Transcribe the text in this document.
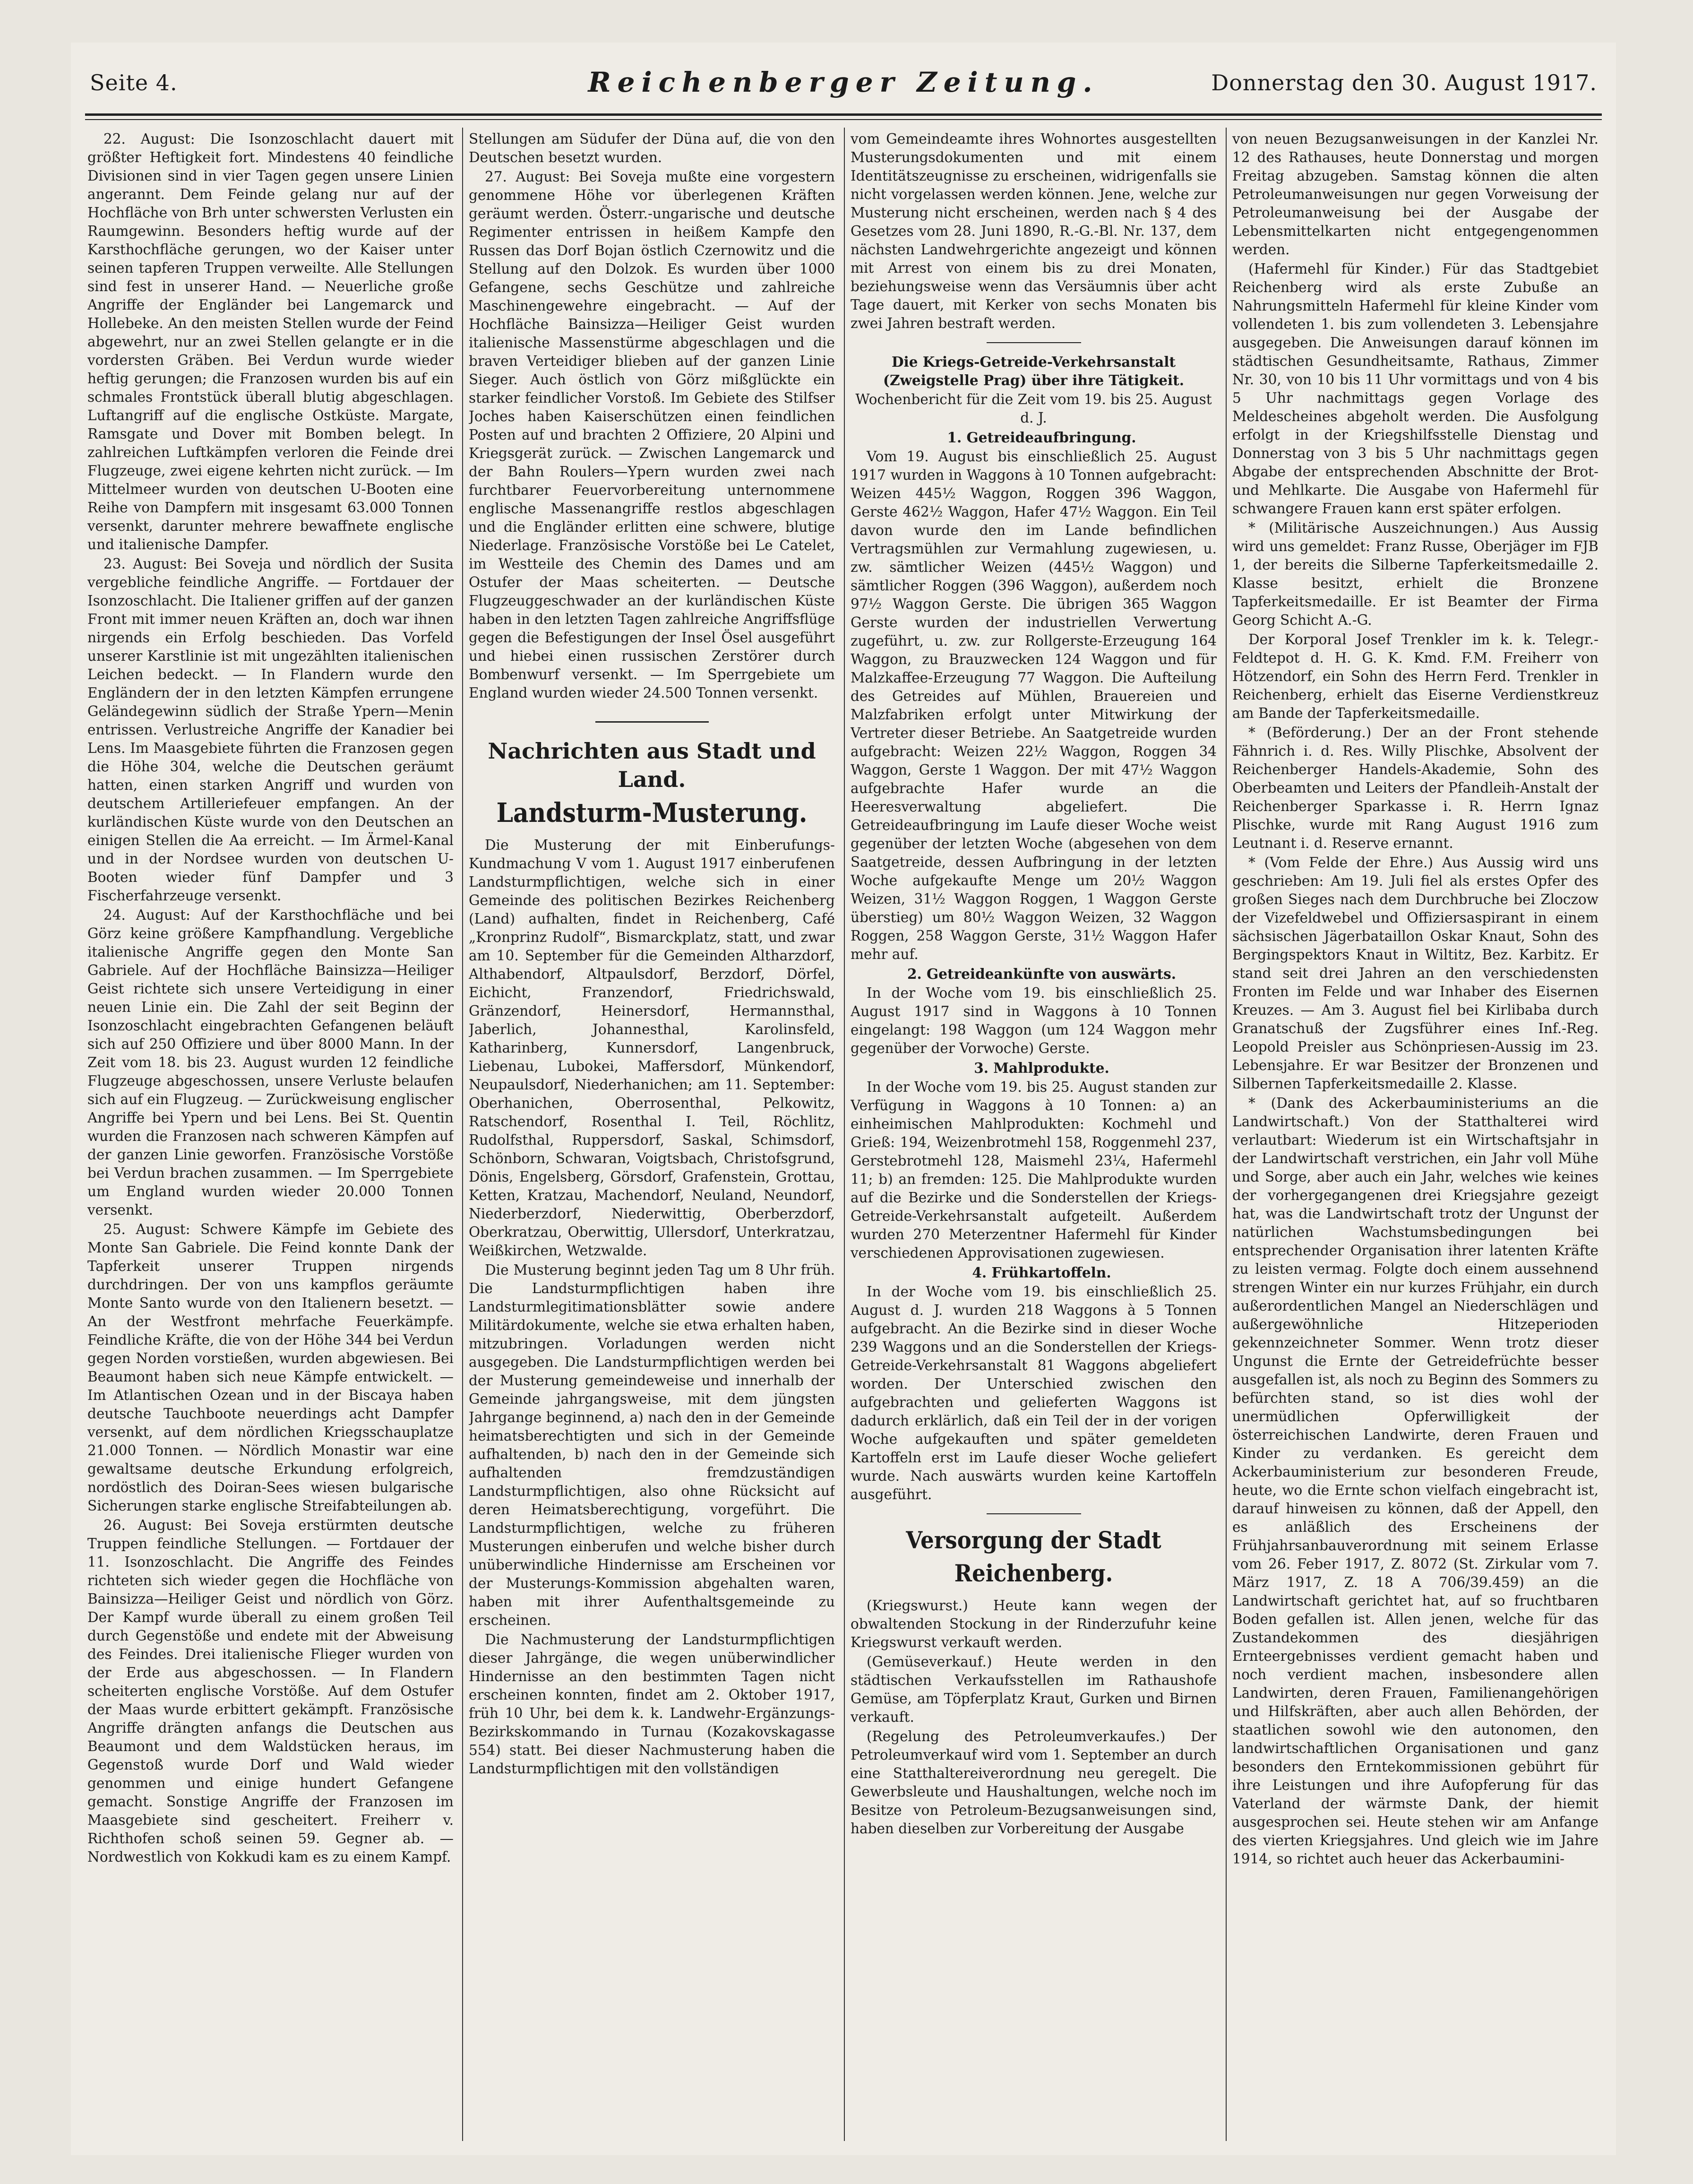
Seite 4.	Reichenberger Zeitung.	Donnerstag den 30. August 1917.

22. August: Die Isonzoschlacht dauert mit größter Heftigkeit fort. Mindestens 40 feindliche Divisionen sind in vier Tagen gegen unsere Linien angerannt. Dem Feinde gelang nur auf der Hochfläche von Brh unter schwersten Verlusten ein Raumgewinn. Besonders heftig wurde auf der Karsthochfläche gerungen, wo der Kaiser unter seinen tapferen Truppen verweilte. Alle Stellungen sind fest in unserer Hand. — Neuerliche große Angriffe der Engländer bei Langemarck und Hollebeke. An den meisten Stellen wurde der Feind abgewehrt, nur an zwei Stellen gelangte er in die vordersten Gräben. Bei Verdun wurde wieder heftig gerungen; die Franzosen wurden bis auf ein schmales Frontstück überall blutig abgeschlagen. Luftangriff auf die englische Ostküste. Margate, Ramsgate und Dover mit Bomben belegt. In zahlreichen Luftkämpfen verloren die Feinde drei Flugzeuge, zwei eigene kehrten nicht zurück. — Im Mittelmeer wurden von deutschen U-Booten eine Reihe von Dampfern mit insgesamt 63.000 Tonnen versenkt, darunter mehrere bewaffnete englische und italienische Dampfer.

23. August: Bei Soveja und nördlich der Susita vergebliche feindliche Angriffe. — Fortdauer der Isonzoschlacht. Die Italiener griffen auf der ganzen Front mit immer neuen Kräften an, doch war ihnen nirgends ein Erfolg beschieden. Das Vorfeld unserer Karstlinie ist mit ungezählten italienischen Leichen bedeckt. — In Flandern wurde den Engländern der in den letzten Kämpfen errungene Geländegewinn südlich der Straße Ypern—Menin entrissen. Verlustreiche Angriffe der Kanadier bei Lens. Im Maasgebiete führten die Franzosen gegen die Höhe 304, welche die Deutschen geräumt hatten, einen starken Angriff und wurden von deutschem Artilleriefeuer empfangen. An der kurländischen Küste wurde von den Deutschen an einigen Stellen die Aa erreicht. — Im Ärmel-Kanal und in der Nordsee wurden von deutschen U-Booten wieder fünf Dampfer und 3 Fischerfahrzeuge versenkt.

24. August: Auf der Karsthochfläche und bei Görz keine größere Kampfhandlung. Vergebliche italienische Angriffe gegen den Monte San Gabriele. Auf der Hochfläche Bainsizza—Heiliger Geist richtete sich unsere Verteidigung in einer neuen Linie ein. Die Zahl der seit Beginn der Isonzoschlacht eingebrachten Gefangenen beläuft sich auf 250 Offiziere und über 8000 Mann. In der Zeit vom 18. bis 23. August wurden 12 feindliche Flugzeuge abgeschossen, unsere Verluste belaufen sich auf ein Flugzeug. — Zurückweisung englischer Angriffe bei Ypern und bei Lens. Bei St. Quentin wurden die Franzosen nach schweren Kämpfen auf der ganzen Linie geworfen. Französische Vorstöße bei Verdun brachen zusammen. — Im Sperrgebiete um England wurden wieder 20.000 Tonnen versenkt.

25. August: Schwere Kämpfe im Gebiete des Monte San Gabriele. Die Feind konnte Dank der Tapferkeit unserer Truppen nirgends durchdringen. Der von uns kampflos geräumte Monte Santo wurde von den Italienern besetzt. — An der Westfront mehrfache Feuerkämpfe. Feindliche Kräfte, die von der Höhe 344 bei Verdun gegen Norden vorstießen, wurden abgewiesen. Bei Beaumont haben sich neue Kämpfe entwickelt. — Im Atlantischen Ozean und in der Biscaya haben deutsche Tauchboote neuerdings acht Dampfer versenkt, auf dem nördlichen Kriegsschauplatze 21.000 Tonnen. — Nördlich Monastir war eine gewaltsame deutsche Erkundung erfolgreich, nordöstlich des Doiran-Sees wiesen bulgarische Sicherungen starke englische Streifabteilungen ab.

26. August: Bei Soveja erstürmten deutsche Truppen feindliche Stellungen. — Fortdauer der 11. Isonzoschlacht. Die Angriffe des Feindes richteten sich wieder gegen die Hochfläche von Bainsizza—Heiliger Geist und nördlich von Görz. Der Kampf wurde überall zu einem großen Teil durch Gegenstöße und endete mit der Abweisung des Feindes. Drei italienische Flieger wurden von der Erde aus abgeschossen. — In Flandern scheiterten englische Vorstöße. Auf dem Ostufer der Maas wurde erbittert gekämpft. Französische Angriffe drängten anfangs die Deutschen aus Beaumont und dem Waldstücken heraus, im Gegenstoß wurde Dorf und Wald wieder genommen und einige hundert Gefangene gemacht. Sonstige Angriffe der Franzosen im Maasgebiete sind gescheitert. Freiherr v. Richthofen schoß seinen 59. Gegner ab. — Nordwestlich von Kokkudi kam es zu einem Kampf.

Stellungen am Südufer der Düna auf, die von den Deutschen besetzt wurden.

27. August: Bei Soveja mußte eine vorgestern genommene Höhe vor überlegenen Kräften geräumt werden. Österr.-ungarische und deutsche Regimenter entrissen in heißem Kampfe den Russen das Dorf Bojan östlich Czernowitz und die Stellung auf den Dolzok. Es wurden über 1000 Gefangene, sechs Geschütze und zahlreiche Maschinengewehre eingebracht. — Auf der Hochfläche Bainsizza—Heiliger Geist wurden italienische Massenstürme abgeschlagen und die braven Verteidiger blieben auf der ganzen Linie Sieger. Auch östlich von Görz mißglückte ein starker feindlicher Vorstoß. Im Gebiete des Stilfser Joches haben Kaiserschützen einen feindlichen Posten auf und brachten 2 Offiziere, 20 Alpini und Kriegsgerät zurück. — Zwischen Langemarck und der Bahn Roulers—Ypern wurden zwei nach furchtbarer Feuervorbereitung unternommene englische Massenangriffe restlos abgeschlagen und die Engländer erlitten eine schwere, blutige Niederlage. Französische Vorstöße bei Le Catelet, im Westteile des Chemin des Dames und am Ostufer der Maas scheiterten. — Deutsche Flugzeuggeschwader an der kurländischen Küste haben in den letzten Tagen zahlreiche Angriffsflüge gegen die Befestigungen der Insel Ösel ausgeführt und hiebei einen russischen Zerstörer durch Bombenwurf versenkt. — Im Sperrgebiete um England wurden wieder 24.500 Tonnen versenkt.

Nachrichten aus Stadt und Land.
Landsturm-Musterung.

Die Musterung der mit Einberufungs-Kundmachung V vom 1. August 1917 einberufenen Landsturmpflichtigen, welche sich in einer Gemeinde des politischen Bezirkes Reichenberg (Land) aufhalten, findet in Reichenberg, Café „Kronprinz Rudolf“, Bismarckplatz, statt, und zwar am 10. September für die Gemeinden Altharzdorf, Althabendorf, Altpaulsdorf, Berzdorf, Dörfel, Eichicht, Franzendorf, Friedrichswald, Gränzendorf, Heinersdorf, Hermannsthal, Jaberlich, Johannesthal, Karolinsfeld, Katharinberg, Kunnersdorf, Langenbruck, Liebenau, Lubokei, Maffersdorf, Münkendorf, Neupaulsdorf, Niederhanichen; am 11. September: Oberhanichen, Oberrosenthal, Pelkowitz, Ratschendorf, Rosenthal I. Teil, Röchlitz, Rudolfsthal, Ruppersdorf, Saskal, Schimsdorf, Schönborn, Schwaran, Voigtsbach, Christofsgrund, Dönis, Engelsberg, Görsdorf, Grafenstein, Grottau, Ketten, Kratzau, Machendorf, Neuland, Neundorf, Niederberzdorf, Niederwittig, Oberberzdorf, Oberkratzau, Oberwittig, Ullersdorf, Unterkratzau, Weißkirchen, Wetzwalde.

Die Musterung beginnt jeden Tag um 8 Uhr früh. Die Landsturmpflichtigen haben ihre Landsturmlegitimationsblätter sowie andere Militärdokumente, welche sie etwa erhalten haben, mitzubringen. Vorladungen werden nicht ausgegeben. Die Landsturmpflichtigen werden bei der Musterung gemeindeweise und innerhalb der Gemeinde jahrgangsweise, mit dem jüngsten Jahrgange beginnend, a) nach den in der Gemeinde heimatsberechtigten und sich in der Gemeinde aufhaltenden, b) nach den in der Gemeinde sich aufhaltenden fremdzuständigen Landsturmpflichtigen, also ohne Rücksicht auf deren Heimatsberechtigung, vorgeführt. Die Landsturmpflichtigen, welche zu früheren Musterungen einberufen und welche bisher durch unüberwindliche Hindernisse am Erscheinen vor der Musterungs-Kommission abgehalten waren, haben mit ihrer Aufenthaltsgemeinde zu erscheinen.

Die Nachmusterung der Landsturmpflichtigen dieser Jahrgänge, die wegen unüberwindlicher Hindernisse an den bestimmten Tagen nicht erscheinen konnten, findet am 2. Oktober 1917, früh 10 Uhr, bei dem k. k. Landwehr-Ergänzungs-Bezirkskommando in Turnau (Kozakovskagasse 554) statt. Bei dieser Nachmusterung haben die Landsturmpflichtigen mit den vollständigen

vom Gemeindeamte ihres Wohnortes ausgestellten Musterungsdokumenten und mit einem Identitätszeugnisse zu erscheinen, widrigenfalls sie nicht vorgelassen werden können. Jene, welche zur Musterung nicht erscheinen, werden nach § 4 des Gesetzes vom 28. Juni 1890, R.-G.-Bl. Nr. 137, dem nächsten Landwehrgerichte angezeigt und können mit Arrest von einem bis zu drei Monaten, beziehungsweise wenn das Versäumnis über acht Tage dauert, mit Kerker von sechs Monaten bis zwei Jahren bestraft werden.

Die Kriegs-Getreide-Verkehrsanstalt (Zweigstelle Prag) über ihre Tätigkeit.

Wochenbericht für die Zeit vom 19. bis 25. August d. J.

1. Getreideaufbringung.

Vom 19. August bis einschließlich 25. August 1917 wurden in Waggons à 10 Tonnen aufgebracht: Weizen 445½ Waggon, Roggen 396 Waggon, Gerste 462½ Waggon, Hafer 47½ Waggon. Ein Teil davon wurde den im Lande befindlichen Vertragsmühlen zur Vermahlung zugewiesen, u. zw. sämtlicher Weizen (445½ Waggon) und sämtlicher Roggen (396 Waggon), außerdem noch 97½ Waggon Gerste. Die übrigen 365 Waggon Gerste wurden der industriellen Verwertung zugeführt, u. zw. zur Rollgerste-Erzeugung 164 Waggon, zu Brauzwecken 124 Waggon und für Malzkaffee-Erzeugung 77 Waggon. Die Aufteilung des Getreides auf Mühlen, Brauereien und Malzfabriken erfolgt unter Mitwirkung der Vertreter dieser Betriebe. An Saatgetreide wurden aufgebracht: Weizen 22½ Waggon, Roggen 34 Waggon, Gerste 1 Waggon. Der mit 47½ Waggon aufgebrachte Hafer wurde an die Heeresverwaltung abgeliefert. Die Getreideaufbringung im Laufe dieser Woche weist gegenüber der letzten Woche (abgesehen von dem Saatgetreide, dessen Aufbringung in der letzten Woche aufgekaufte Menge um 20½ Waggon Weizen, 31½ Waggon Roggen, 1 Waggon Gerste überstieg) um 80½ Waggon Weizen, 32 Waggon Roggen, 258 Waggon Gerste, 31½ Waggon Hafer mehr auf.

2. Getreideankünfte von auswärts.

In der Woche vom 19. bis einschließlich 25. August 1917 sind in Waggons à 10 Tonnen eingelangt: 198 Waggon (um 124 Waggon mehr gegenüber der Vorwoche) Gerste.

3. Mahlprodukte.

In der Woche vom 19. bis 25. August standen zur Verfügung in Waggons à 10 Tonnen: a) an einheimischen Mahlprodukten: Kochmehl und Grieß: 194, Weizenbrotmehl 158, Roggenmehl 237, Gerstebrotmehl 128, Maismehl 23¼, Hafermehl 11; b) an fremden: 125. Die Mahlprodukte wurden auf die Bezirke und die Sonderstellen der Kriegs-Getreide-Verkehrsanstalt aufgeteilt. Außerdem wurden 270 Meterzentner Hafermehl für Kinder verschiedenen Approvisationen zugewiesen.

4. Frühkartoffeln.

In der Woche vom 19. bis einschließlich 25. August d. J. wurden 218 Waggons à 5 Tonnen aufgebracht. An die Bezirke sind in dieser Woche 239 Waggons und an die Sonderstellen der Kriegs-Getreide-Verkehrsanstalt 81 Waggons abgeliefert worden. Der Unterschied zwischen den aufgebrachten und gelieferten Waggons ist dadurch erklärlich, daß ein Teil der in der vorigen Woche aufgekauften und später gemeldeten Kartoffeln erst im Laufe dieser Woche geliefert wurde. Nach auswärts wurden keine Kartoffeln ausgeführt.

Versorgung der Stadt Reichenberg.

(Kriegswurst.) Heute kann wegen der obwaltenden Stockung in der Rinderzufuhr keine Kriegswurst verkauft werden.

(Gemüseverkauf.) Heute werden in den städtischen Verkaufsstellen im Rathaushofe Gemüse, am Töpferplatz Kraut, Gurken und Birnen verkauft.

(Regelung des Petroleumverkaufes.) Der Petroleumverkauf wird vom 1. September an durch eine Statthaltereiverordnung neu geregelt. Die Gewerbsleute und Haushaltungen, welche noch im Besitze von Petroleum-Bezugsanweisungen sind, haben dieselben zur Vorbereitung der Ausgabe

von neuen Bezugsanweisungen in der Kanzlei Nr. 12 des Rathauses, heute Donnerstag und morgen Freitag abzugeben. Samstag können die alten Petroleumanweisungen nur gegen Vorweisung der Petroleumanweisung bei der Ausgabe der Lebensmittelkarten nicht entgegengenommen werden.

(Hafermehl für Kinder.) Für das Stadtgebiet Reichenberg wird als erste Zubuße an Nahrungsmitteln Hafermehl für kleine Kinder vom vollendeten 1. bis zum vollendeten 3. Lebensjahre ausgegeben. Die Anweisungen darauf können im städtischen Gesundheitsamte, Rathaus, Zimmer Nr. 30, von 10 bis 11 Uhr vormittags und von 4 bis 5 Uhr nachmittags gegen Vorlage des Meldescheines abgeholt werden. Die Ausfolgung erfolgt in der Kriegshilfsstelle Dienstag und Donnerstag von 3 bis 5 Uhr nachmittags gegen Abgabe der entsprechenden Abschnitte der Brot- und Mehlkarte. Die Ausgabe von Hafermehl für schwangere Frauen kann erst später erfolgen.

* (Militärische Auszeichnungen.) Aus Aussig wird uns gemeldet: Franz Russe, Oberjäger im FJB 1, der bereits die Silberne Tapferkeitsmedaille 2. Klasse besitzt, erhielt die Bronzene Tapferkeitsmedaille. Er ist Beamter der Firma Georg Schicht A.-G.

Der Korporal Josef Trenkler im k. k. Telegr.-Feldtepot d. H. G. K. Kmd. F.M. Freiherr von Hötzendorf, ein Sohn des Herrn Ferd. Trenkler in Reichenberg, erhielt das Eiserne Verdienstkreuz am Bande der Tapferkeitsmedaille.

* (Beförderung.) Der an der Front stehende Fähnrich i. d. Res. Willy Plischke, Absolvent der Reichenberger Handels-Akademie, Sohn des Oberbeamten und Leiters der Pfandleih-Anstalt der Reichenberger Sparkasse i. R. Herrn Ignaz Plischke, wurde mit Rang August 1916 zum Leutnant i. d. Reserve ernannt.

* (Vom Felde der Ehre.) Aus Aussig wird uns geschrieben: Am 19. Juli fiel als erstes Opfer des großen Sieges nach dem Durchbruche bei Zloczow der Vizefeldwebel und Offiziersaspirant in einem sächsischen Jägerbataillon Oskar Knaut, Sohn des Bergingspektors Knaut in Wiltitz, Bez. Karbitz. Er stand seit drei Jahren an den verschiedensten Fronten im Felde und war Inhaber des Eisernen Kreuzes. — Am 3. August fiel bei Kirlibaba durch Granatschuß der Zugsführer eines Inf.-Reg. Leopold Preisler aus Schönpriesen-Aussig im 23. Lebensjahre. Er war Besitzer der Bronzenen und Silbernen Tapferkeitsmedaille 2. Klasse.

* (Dank des Ackerbauministeriums an die Landwirtschaft.) Von der Statthalterei wird verlautbart: Wiederum ist ein Wirtschaftsjahr in der Landwirtschaft verstrichen, ein Jahr voll Mühe und Sorge, aber auch ein Jahr, welches wie keines der vorhergegangenen drei Kriegsjahre gezeigt hat, was die Landwirtschaft trotz der Ungunst der natürlichen Wachstumsbedingungen bei entsprechender Organisation ihrer latenten Kräfte zu leisten vermag. Folgte doch einem aussehnend strengen Winter ein nur kurzes Frühjahr, ein durch außerordentlichen Mangel an Niederschlägen und außergewöhnliche Hitzeperioden gekennzeichneter Sommer. Wenn trotz dieser Ungunst die Ernte der Getreidefrüchte besser ausgefallen ist, als noch zu Beginn des Sommers zu befürchten stand, so ist dies wohl der unermüdlichen Opferwilligkeit der österreichischen Landwirte, deren Frauen und Kinder zu verdanken. Es gereicht dem Ackerbauministerium zur besonderen Freude, heute, wo die Ernte schon vielfach eingebracht ist, darauf hinweisen zu können, daß der Appell, den es anläßlich des Erscheinens der Frühjahrsanbauverordnung mit seinem Erlasse vom 26. Feber 1917, Z. 8072 (St. Zirkular vom 7. März 1917, Z. 18 A 706/39.459) an die Landwirtschaft gerichtet hat, auf so fruchtbaren Boden gefallen ist. Allen jenen, welche für das Zustandekommen des diesjährigen Ernteergebnisses verdient gemacht haben und noch verdient machen, insbesondere allen Landwirten, deren Frauen, Familienangehörigen und Hilfskräften, aber auch allen Behörden, der staatlichen sowohl wie den autonomen, den landwirtschaftlichen Organisationen und ganz besonders den Erntekommissionen gebührt für ihre Leistungen und ihre Aufopferung für das Vaterland der wärmste Dank, der hiemit ausgesprochen sei. Heute stehen wir am Anfange des vierten Kriegsjahres. Und gleich wie im Jahre 1914, so richtet auch heuer das Ackerbaumini-
